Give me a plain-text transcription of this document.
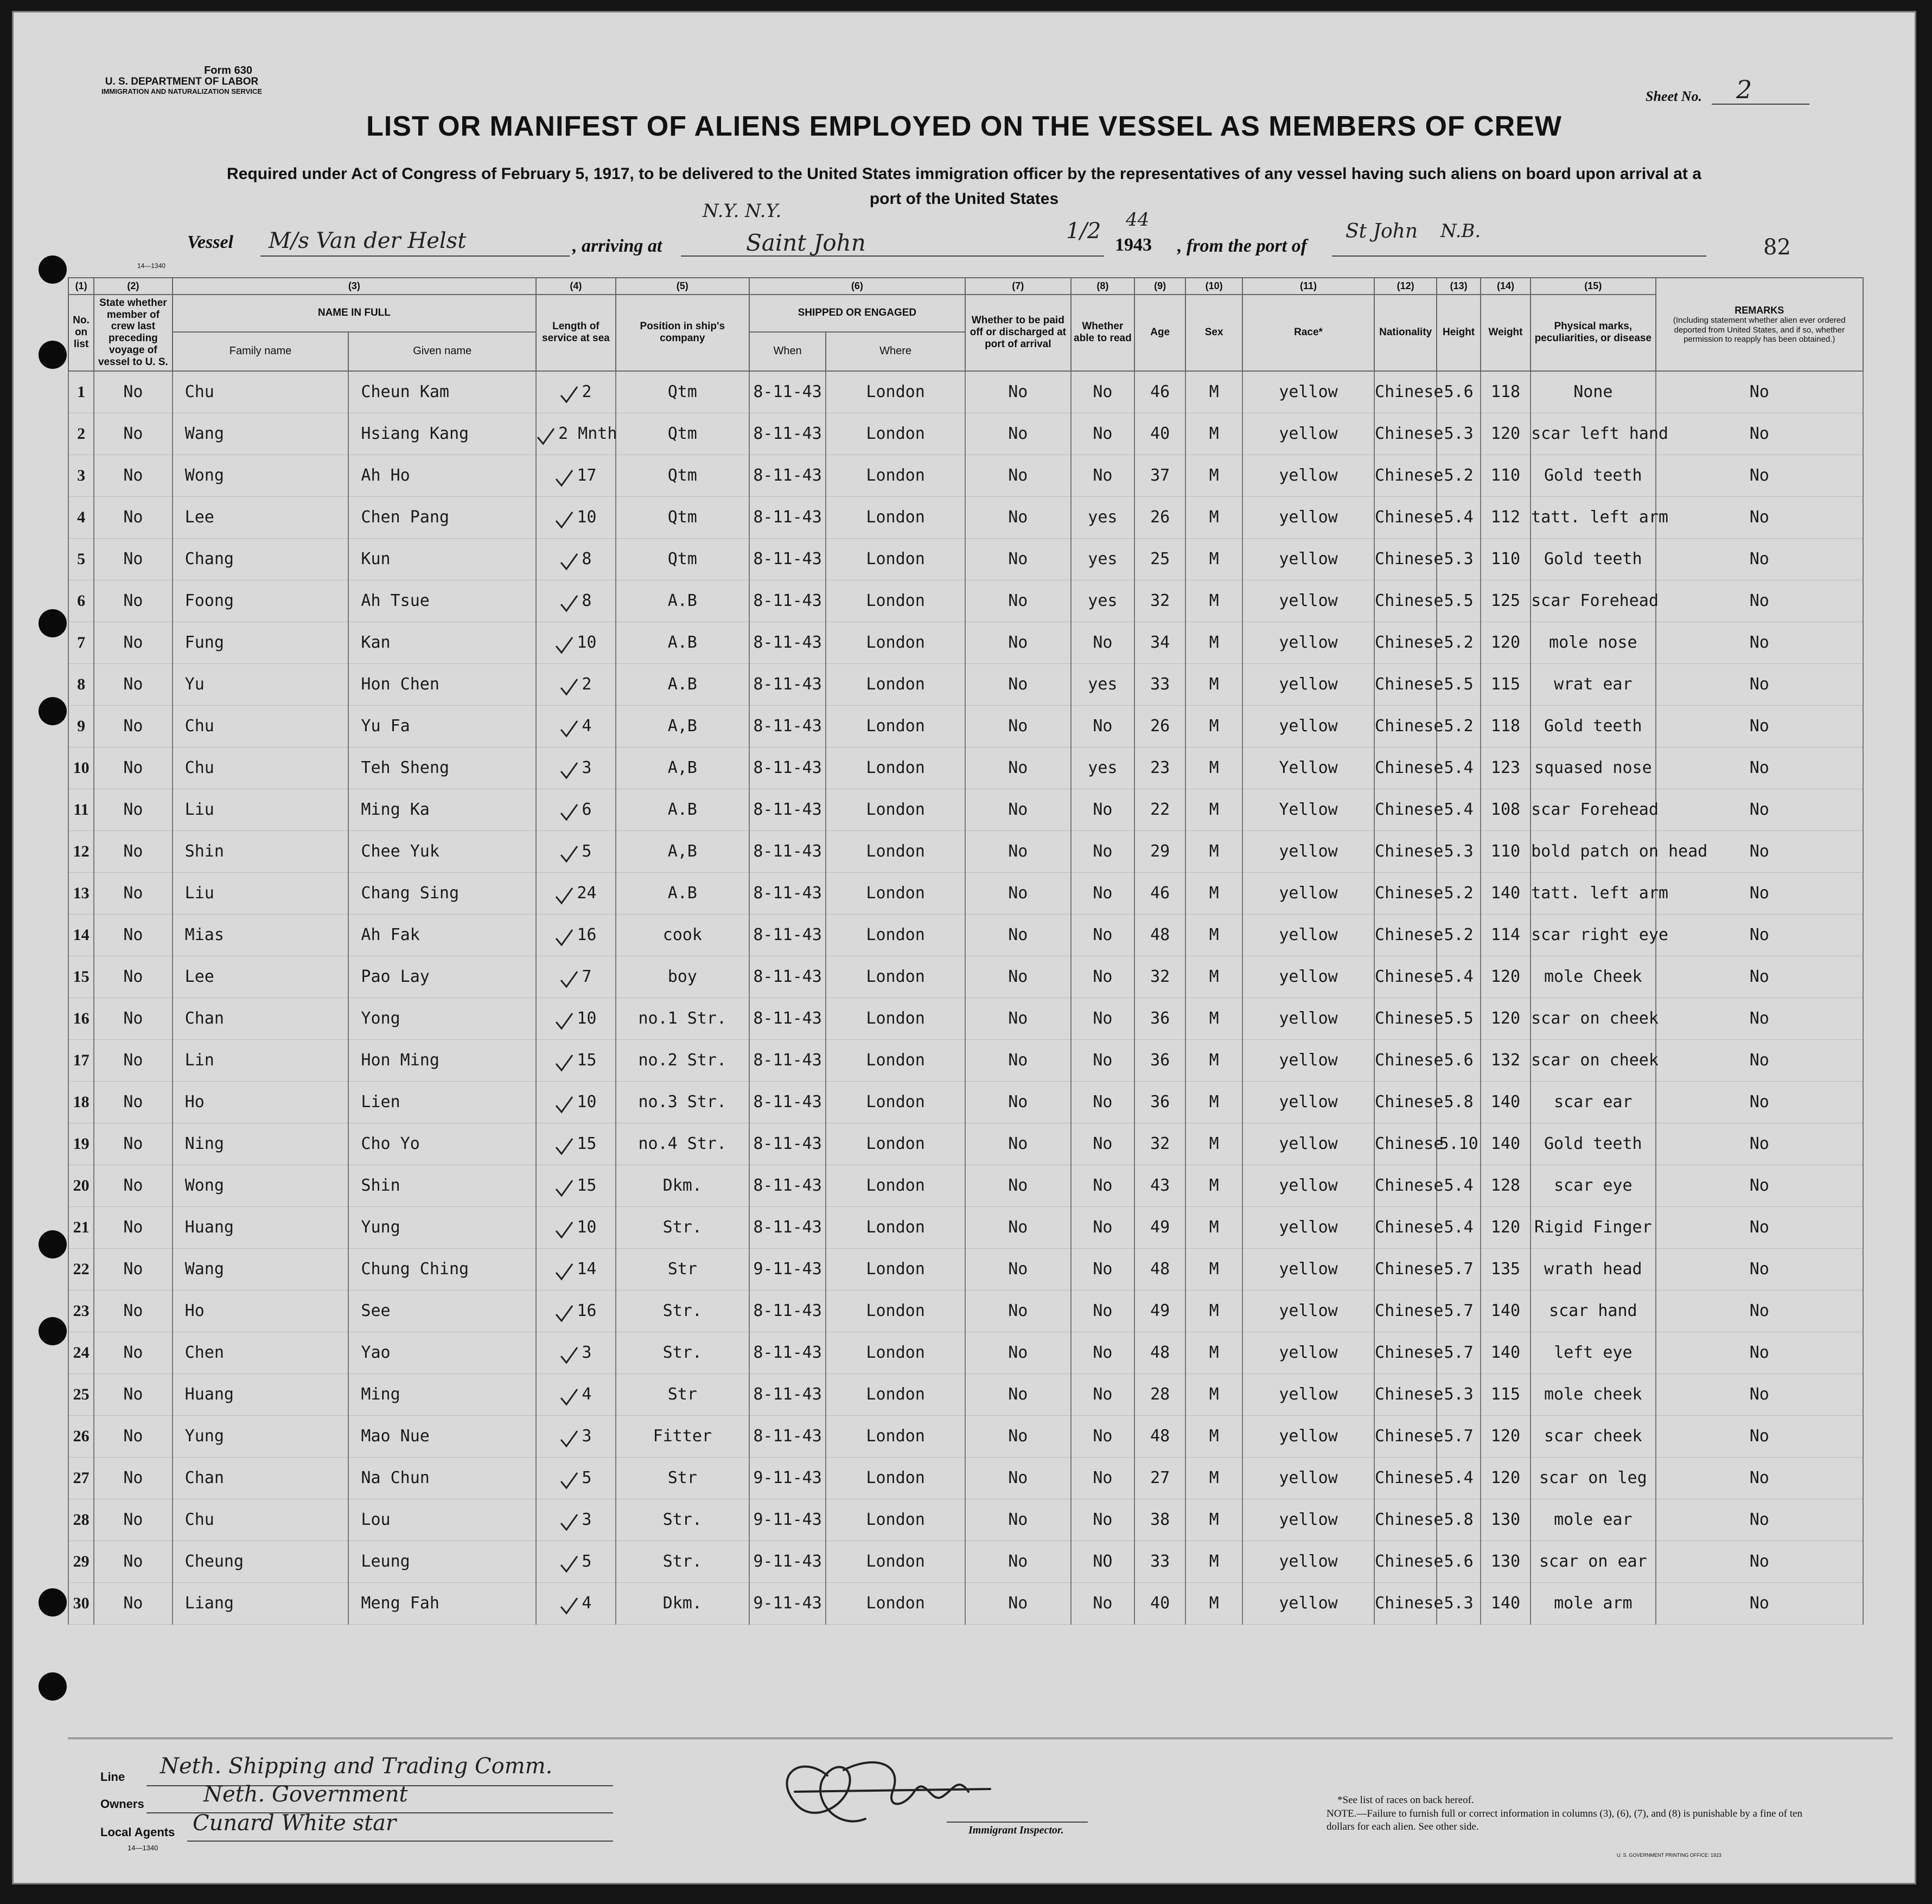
Form 630
U. S. DEPARTMENT OF LABOR
IMMIGRATION AND NATURALIZATION SERVICE	Sheet No. 2
LIST OR MANIFEST OF ALIENS EMPLOYED ON THE VESSEL AS MEMBERS OF CREW
Required under Act of Congress of February 5, 1917, to be delivered to the United States immigration officer by the representatives of any vessel having such aliens on board upon arrival at a
port of the United States
Vessel M/s Van der Helst	, arriving at
N.Y. N.Y.
Saint John	1/2
1943
44
, from the port of
St John N.B.
82
14—1340
(1)	(2)	(3)		(4)	(5)	(6)		(7)	(8)	(9)	(10)	(11)	(12)	(13)	(14)	(15)	REMARKS
(Including statement whether alien ever ordered deported from United States, and if so, whether permission to reapply has been obtained.)

No. on list	State whether member of crew last preceding voyage of vessel to U. S.	NAME IN FULL		Length of service at sea	Position in ship's company	SHIPPED OR ENGAGED		Whether to be paid off or discharged at port of arrival	Whether able to read	Age	Sex	Race*	Nationality	Height	Weight	Physical marks, peculiarities, or disease	
		Family name	Given name			When	Where										
1	No	Chu	Cheun Kam	2	Qtm	8-11-43	London	No	No	46	M	yellow	Chinese	5.6	118	None	No
2	No	Wang	Hsiang Kang	2 Mnth	Qtm	8-11-43	London	No	No	40	M	yellow	Chinese	5.3	120	scar left hand	No
3	No	Wong	Ah Ho	17	Qtm	8-11-43	London	No	No	37	M	yellow	Chinese	5.2	110	Gold teeth	No
4	No	Lee	Chen Pang	10	Qtm	8-11-43	London	No	yes	26	M	yellow	Chinese	5.4	112	tatt. left arm	No
5	No	Chang	Kun	8	Qtm	8-11-43	London	No	yes	25	M	yellow	Chinese	5.3	110	Gold teeth	No
6	No	Foong	Ah Tsue	8	A.B	8-11-43	London	No	yes	32	M	yellow	Chinese	5.5	125	scar Forehead	No
7	No	Fung	Kan	10	A.B	8-11-43	London	No	No	34	M	yellow	Chinese	5.2	120	mole nose	No
8	No	Yu	Hon Chen	2	A.B	8-11-43	London	No	yes	33	M	yellow	Chinese	5.5	115	wrat ear	No
9	No	Chu	Yu Fa	4	A,B	8-11-43	London	No	No	26	M	yellow	Chinese	5.2	118	Gold teeth	No
10	No	Chu	Teh Sheng	3	A,B	8-11-43	London	No	yes	23	M	Yellow	Chinese	5.4	123	squased nose	No
11	No	Liu	Ming Ka	6	A.B	8-11-43	London	No	No	22	M	Yellow	Chinese	5.4	108	scar Forehead	No
12	No	Shin	Chee Yuk	5	A,B	8-11-43	London	No	No	29	M	yellow	Chinese	5.3	110	bold patch on head	No
13	No	Liu	Chang Sing	24	A.B	8-11-43	London	No	No	46	M	yellow	Chinese	5.2	140	tatt. left arm	No
14	No	Mias	Ah Fak	16	cook	8-11-43	London	No	No	48	M	yellow	Chinese	5.2	114	scar right eye	No
15	No	Lee	Pao Lay	7	boy	8-11-43	London	No	No	32	M	yellow	Chinese	5.4	120	mole Cheek	No
16	No	Chan	Yong	10	no.1 Str.	8-11-43	London	No	No	36	M	yellow	Chinese	5.5	120	scar on cheek	No
17	No	Lin	Hon Ming	15	no.2 Str.	8-11-43	London	No	No	36	M	yellow	Chinese	5.6	132	scar on cheek	No
18	No	Ho	Lien	10	no.3 Str.	8-11-43	London	No	No	36	M	yellow	Chinese	5.8	140	scar ear	No
19	No	Ning	Cho Yo	15	no.4 Str.	8-11-43	London	No	No	32	M	yellow	Chinese	5.10	140	Gold teeth	No
20	No	Wong	Shin	15	Dkm.	8-11-43	London	No	No	43	M	yellow	Chinese	5.4	128	scar eye	No
21	No	Huang	Yung	10	Str.	8-11-43	London	No	No	49	M	yellow	Chinese	5.4	120	Rigid Finger	No
22	No	Wang	Chung Ching	14	Str	9-11-43	London	No	No	48	M	yellow	Chinese	5.7	135	wrath head	No
23	No	Ho	See	16	Str.	8-11-43	London	No	No	49	M	yellow	Chinese	5.7	140	scar hand	No
24	No	Chen	Yao	3	Str.	8-11-43	London	No	No	48	M	yellow	Chinese	5.7	140	left eye	No
25	No	Huang	Ming	4	Str	8-11-43	London	No	No	28	M	yellow	Chinese	5.3	115	mole cheek	No
26	No	Yung	Mao Nue	3	Fitter	8-11-43	London	No	No	48	M	yellow	Chinese	5.7	120	scar cheek	No
27	No	Chan	Na Chun	5	Str	9-11-43	London	No	No	27	M	yellow	Chinese	5.4	120	scar on leg	No
28	No	Chu	Lou	3	Str.	9-11-43	London	No	No	38	M	yellow	Chinese	5.8	130	mole ear	No
29	No	Cheung	Leung	5	Str.	9-11-43	London	No	NO	33	M	yellow	Chinese	5.6	130	scar on ear	No
30	No	Liang	Meng Fah	4	Dkm.	9-11-43	London	No	No	40	M	yellow	Chinese	5.3	140	mole arm	No
Line Neth. Shipping and Trading Comm.
Owners	Neth. Government
Local Agents Cunard White star
14—1340
Immigrant Inspector.
*See list of races on back hereof.
NOTE.—Failure to furnish full or correct information in columns (3), (6), (7), and (8) is punishable by a fine of ten dollars for each alien. See other side.
U. S. GOVERNMENT PRINTING OFFICE: 1923
